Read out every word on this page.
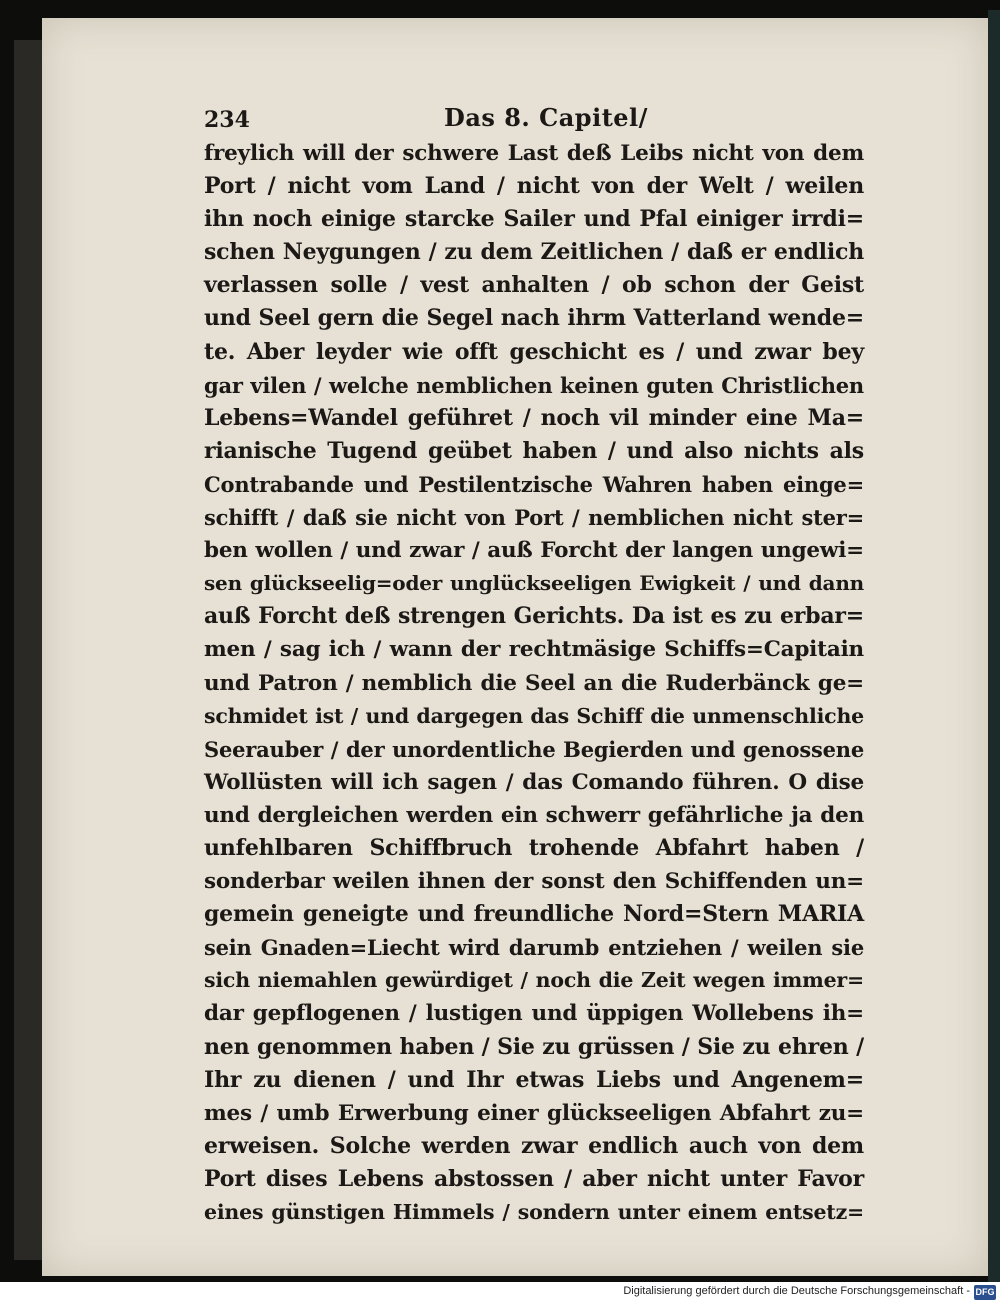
234	Das 8. Capitel/
freylich will der schwere Last deß Leibs nicht von dem
Port / nicht vom Land / nicht von der Welt / weilen
ihn noch einige starcke Sailer und Pfal einiger irrdi=
schen Neygungen / zu dem Zeitlichen / daß er endlich
verlassen solle / vest anhalten / ob schon der Geist
und Seel gern die Segel nach ihrm Vatterland wende=
te. Aber leyder wie offt geschicht es / und zwar bey
gar vilen / welche nemblichen keinen guten Christlichen
Lebens=Wandel geführet / noch vil minder eine Ma=
rianische Tugend geübet haben / und also nichts als
Contrabande und Pestilentzische Wahren haben einge=
schifft / daß sie nicht von Port / nemblichen nicht ster=
ben wollen / und zwar / auß Forcht der langen ungewi=
sen glückseelig=oder unglückseeligen Ewigkeit / und dann
auß Forcht deß strengen Gerichts. Da ist es zu erbar=
men / sag ich / wann der rechtmäsige Schiffs=Capitain
und Patron / nemblich die Seel an die Ruderbänck ge=
schmidet ist / und dargegen das Schiff die unmenschliche
Seerauber / der unordentliche Begierden und genossene
Wollüsten will ich sagen / das Comando führen. O dise
und dergleichen werden ein schwerr gefährliche ja den
unfehlbaren Schiffbruch trohende Abfahrt haben /
sonderbar weilen ihnen der sonst den Schiffenden un=
gemein geneigte und freundliche Nord=Stern MARIA
sein Gnaden=Liecht wird darumb entziehen / weilen sie
sich niemahlen gewürdiget / noch die Zeit wegen immer=
dar gepflogenen / lustigen und üppigen Wollebens ih=
nen genommen haben / Sie zu grüssen / Sie zu ehren /
Ihr zu dienen / und Ihr etwas Liebs und Angenem=
mes / umb Erwerbung einer glückseeligen Abfahrt zu=
erweisen. Solche werden zwar endlich auch von dem
Port dises Lebens abstossen / aber nicht unter Favor
eines günstigen Himmels / sondern unter einem entsetz=
Digitalisierung gefördert durch die Deutsche Forschungsgemeinschaft - DFG
